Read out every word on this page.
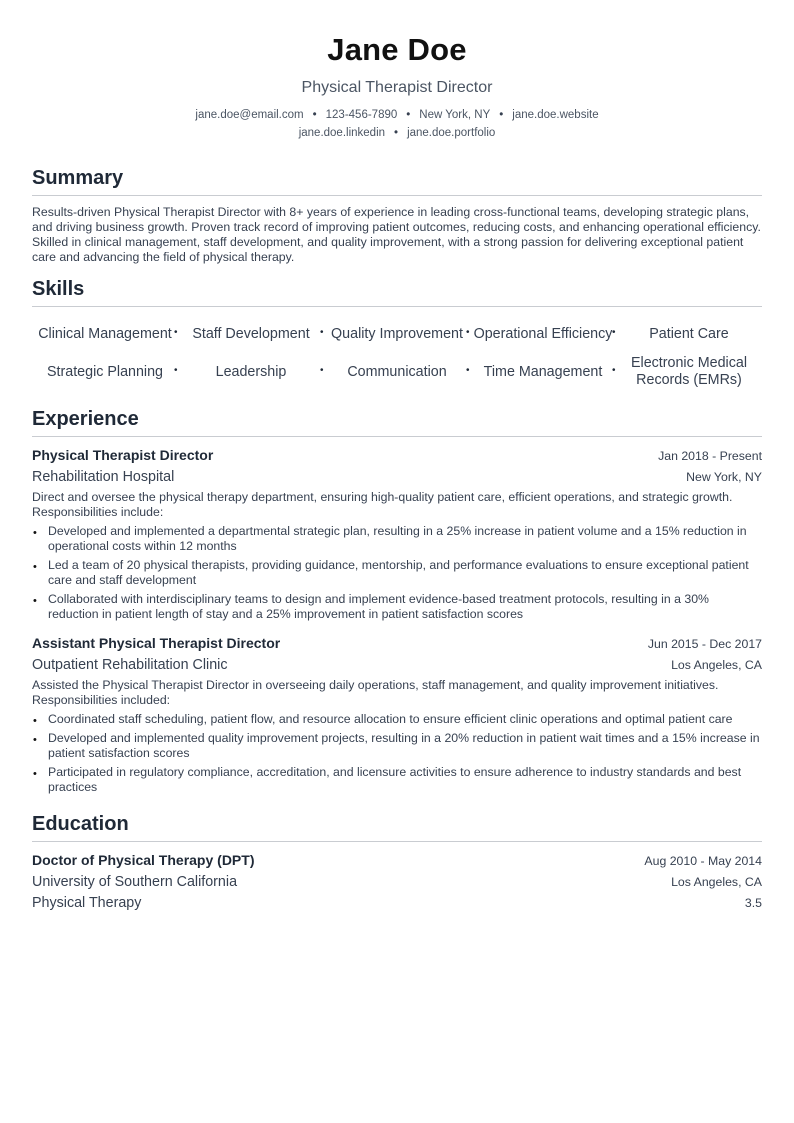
Jane Doe
Physical Therapist Director
jane.doe@email.com • 123-456-7890 • New York, NY • jane.doe.website
jane.doe.linkedin • jane.doe.portfolio
Summary
Results-driven Physical Therapist Director with 8+ years of experience in leading cross-functional teams, developing strategic plans, and driving business growth. Proven track record of improving patient outcomes, reducing costs, and enhancing operational efficiency. Skilled in clinical management, staff development, and quality improvement, with a strong passion for delivering exceptional patient care and advancing the field of physical therapy.
Skills
Clinical Management •	Staff Development	• Quality Improvement • Operational Efficiency •	Patient Care
Strategic Planning	•	Leadership	•	Communication	• Time Management •	Electronic Medical Records (EMRs)
Experience
Physical Therapist Director	Jan 2018 - Present
Rehabilitation Hospital	New York, NY
Direct and oversee the physical therapy department, ensuring high-quality patient care, efficient operations, and strategic growth. Responsibilities include:
• Developed and implemented a departmental strategic plan, resulting in a 25% increase in patient volume and a 15% reduction in operational costs within 12 months
• Led a team of 20 physical therapists, providing guidance, mentorship, and performance evaluations to ensure exceptional patient care and staff development
• Collaborated with interdisciplinary teams to design and implement evidence-based treatment protocols, resulting in a 30% reduction in patient length of stay and a 25% improvement in patient satisfaction scores
Assistant Physical Therapist Director	Jun 2015 - Dec 2017
Outpatient Rehabilitation Clinic	Los Angeles, CA
Assisted the Physical Therapist Director in overseeing daily operations, staff management, and quality improvement initiatives. Responsibilities included:
• Coordinated staff scheduling, patient flow, and resource allocation to ensure efficient clinic operations and optimal patient care
• Developed and implemented quality improvement projects, resulting in a 20% reduction in patient wait times and a 15% increase in patient satisfaction scores
• Participated in regulatory compliance, accreditation, and licensure activities to ensure adherence to industry standards and best practices
Education
Doctor of Physical Therapy (DPT)	Aug 2010 - May 2014
University of Southern California	Los Angeles, CA
Physical Therapy	3.5
